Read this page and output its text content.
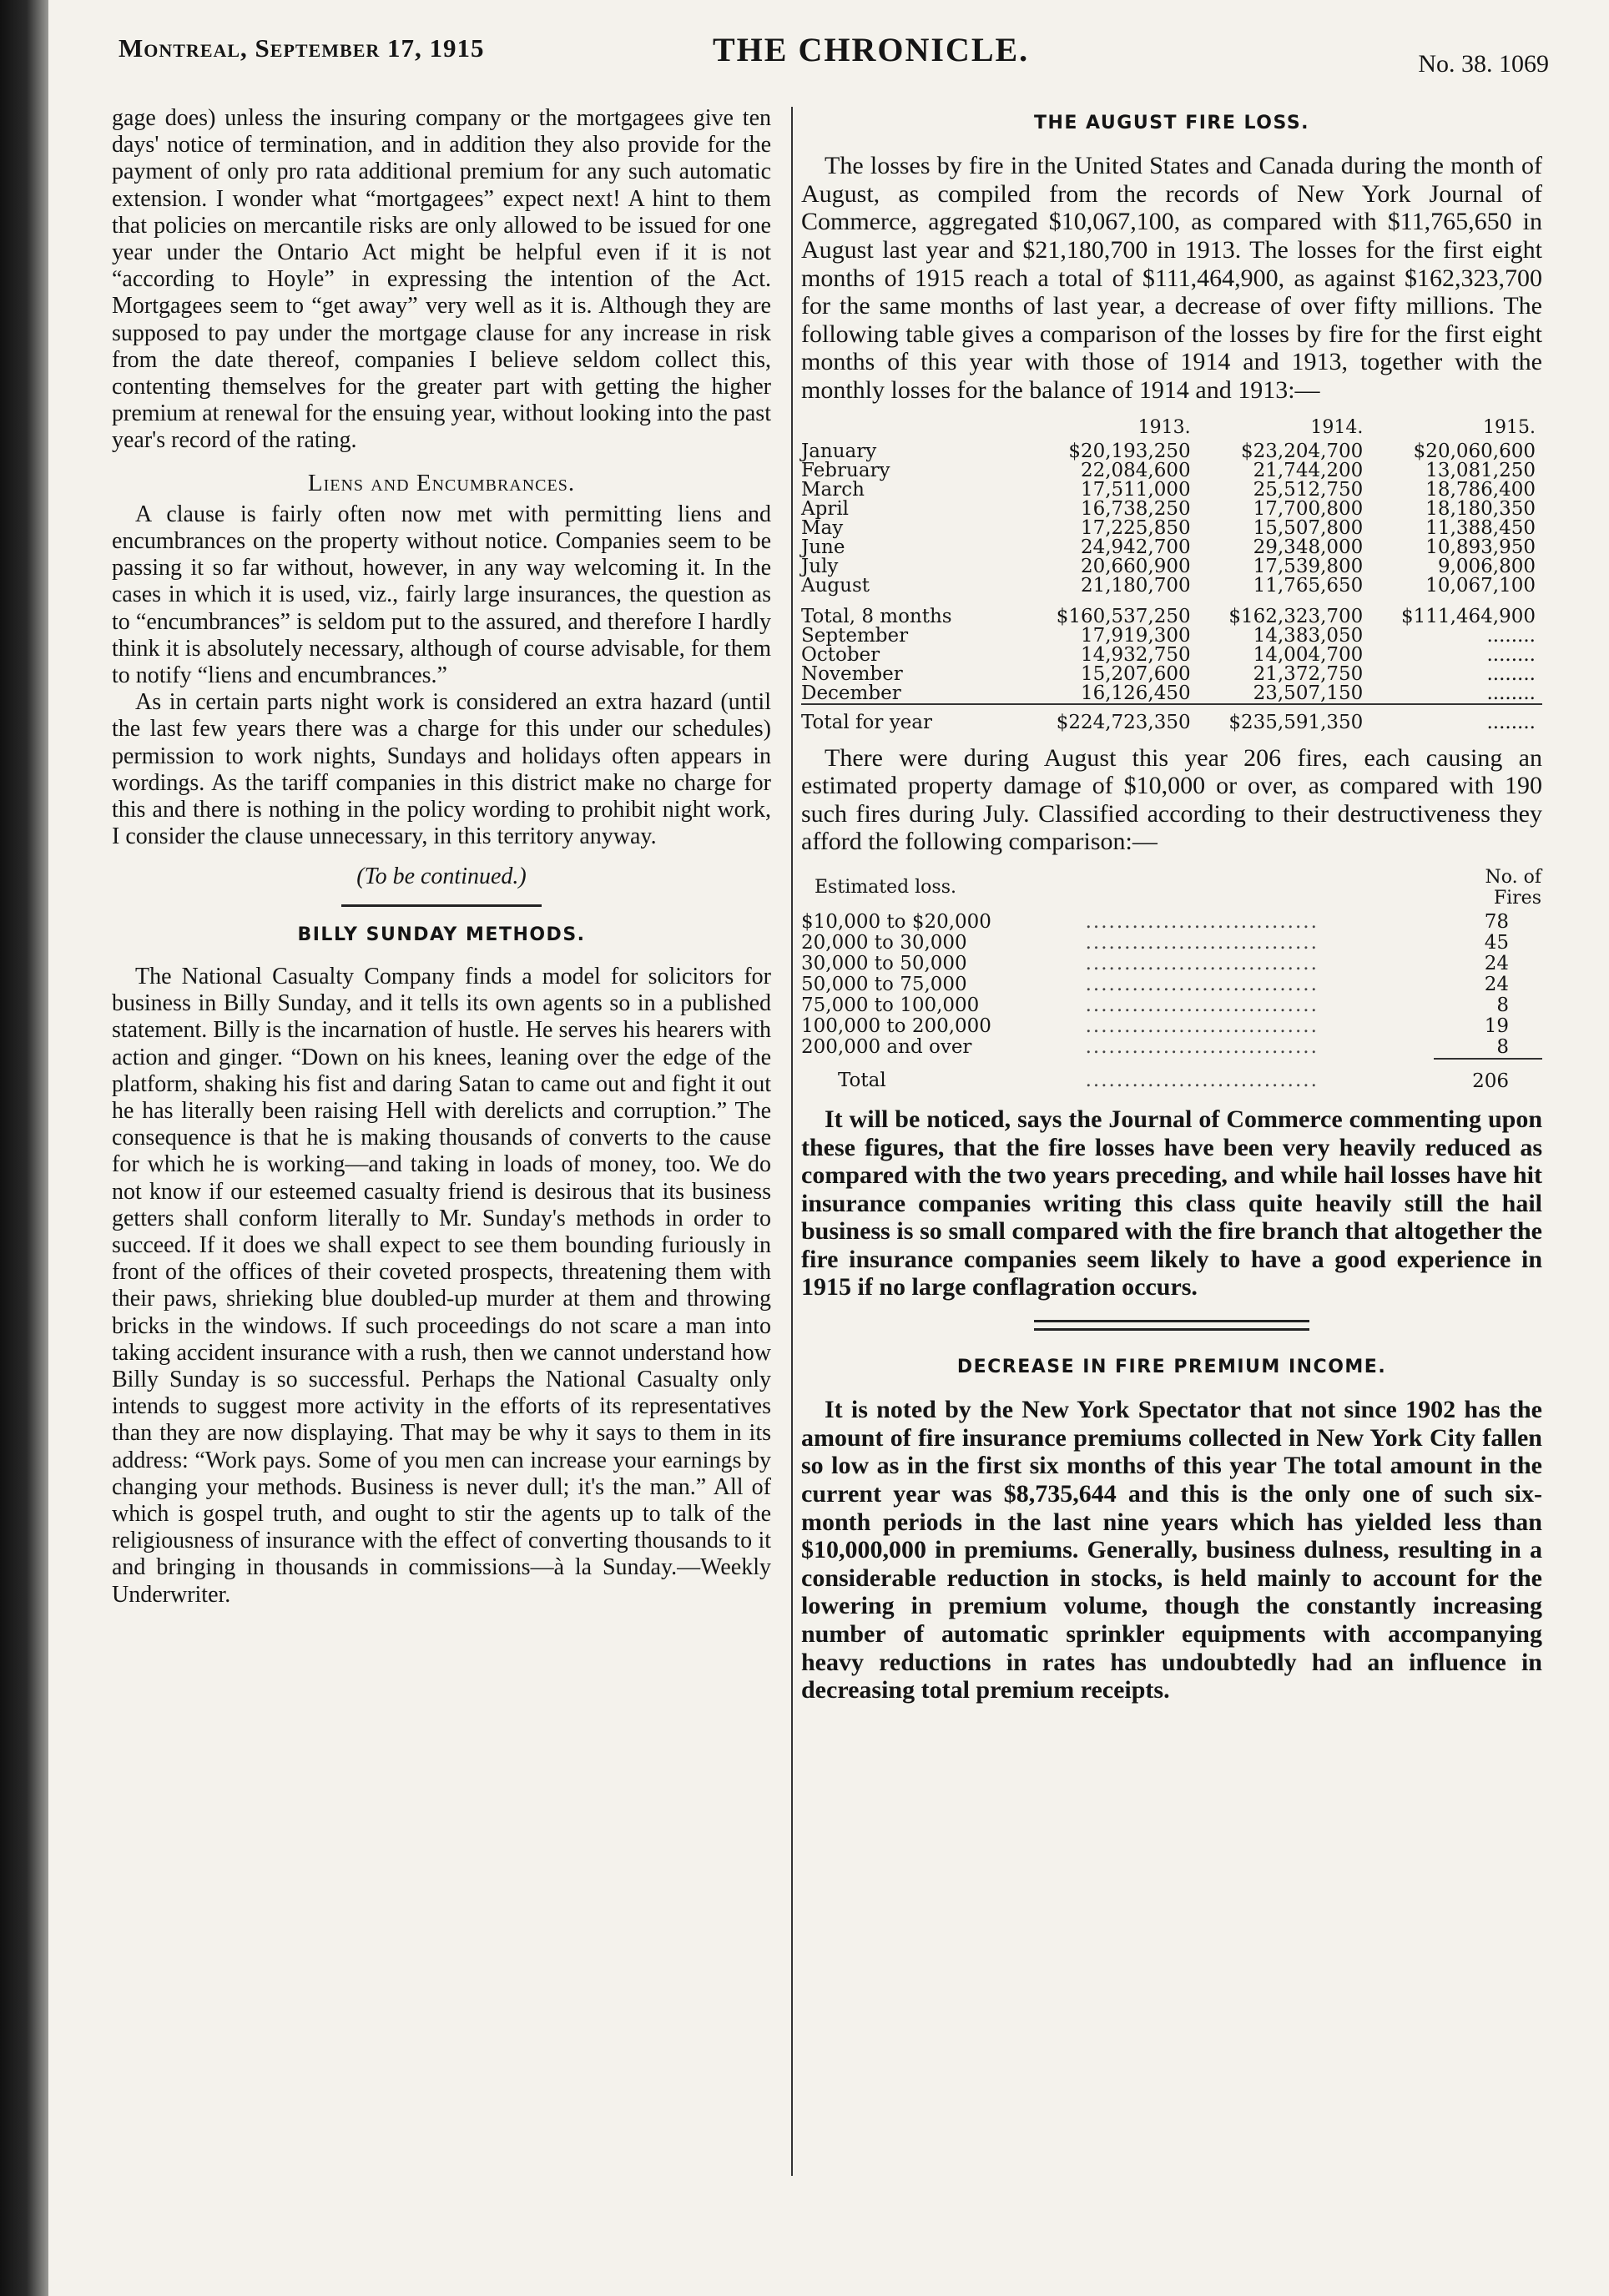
Montreal, September 17, 1915	THE CHRONICLE.	No. 38. 1069

gage does) unless the insuring company or the mortgagees give ten days' notice of termination, and in addition they also provide for the payment of only pro rata additional premium for any such automatic extension. I wonder what “mortgagees” expect next! A hint to them that policies on mercantile risks are only allowed to be issued for one year under the Ontario Act might be helpful even if it is not “according to Hoyle” in expressing the intention of the Act. Mortgagees seem to “get away” very well as it is. Although they are supposed to pay under the mortgage clause for any increase in risk from the date thereof, companies I believe seldom collect this, contenting themselves for the greater part with getting the higher premium at renewal for the ensuing year, without looking into the past year's record of the rating.

Liens and Encumbrances.

A clause is fairly often now met with permitting liens and encumbrances on the property without notice. Companies seem to be passing it so far without, however, in any way welcoming it. In the cases in which it is used, viz., fairly large insurances, the question as to “encumbrances” is seldom put to the assured, and therefore I hardly think it is absolutely necessary, although of course advisable, for them to notify “liens and encumbrances.”

As in certain parts night work is considered an extra hazard (until the last few years there was a charge for this under our schedules) permission to work nights, Sundays and holidays often appears in wordings. As the tariff companies in this district make no charge for this and there is nothing in the policy wording to prohibit night work, I consider the clause unnecessary, in this territory anyway.

(To be continued.)

BILLY SUNDAY METHODS.

The National Casualty Company finds a model for solicitors for business in Billy Sunday, and it tells its own agents so in a published statement. Billy is the incarnation of hustle. He serves his hearers with action and ginger. “Down on his knees, leaning over the edge of the platform, shaking his fist and daring Satan to came out and fight it out he has literally been raising Hell with derelicts and corruption.” The consequence is that he is making thousands of converts to the cause for which he is working—and taking in loads of money, too. We do not know if our esteemed casualty friend is desirous that its business getters shall conform literally to Mr. Sunday's methods in order to succeed. If it does we shall expect to see them bounding furiously in front of the offices of their coveted prospects, threatening them with their paws, shrieking blue doubled-up murder at them and throwing bricks in the windows. If such proceedings do not scare a man into taking accident insurance with a rush, then we cannot understand how Billy Sunday is so successful. Perhaps the National Casualty only intends to suggest more activity in the efforts of its representatives than they are now displaying. That may be why it says to them in its address: “Work pays. Some of you men can increase your earnings by changing your methods. Business is never dull; it's the man.” All of which is gospel truth, and ought to stir the agents up to talk of the religiousness of insurance with the effect of converting thousands to it and bringing in thousands in commissions—à la Sunday.—Weekly Underwriter.

THE AUGUST FIRE LOSS.

The losses by fire in the United States and Canada during the month of August, as compiled from the records of New York Journal of Commerce, aggregated $10,067,100, as compared with $11,765,650 in August last year and $21,180,700 in 1913. The losses for the first eight months of 1915 reach a total of $111,464,900, as against $162,323,700 for the same months of last year, a decrease of over fifty millions. The following table gives a comparison of the losses by fire for the first eight months of this year with those of 1914 and 1913, together with the monthly losses for the balance of 1914 and 1913:—

	1913.	1914.	1915.
January	$20,193,250	$23,204,700	$20,060,600
February	22,084,600	21,744,200	13,081,250
March	17,511,000	25,512,750	18,786,400
April	16,738,250	17,700,800	18,180,350
May	17,225,850	15,507,800	11,388,450
June	24,942,700	29,348,000	10,893,950
July	20,660,900	17,539,800	9,006,800
August	21,180,700	11,765,650	10,067,100
Total, 8 months	$160,537,250	$162,323,700	$111,464,900
September	17,919,300	14,383,050	........
October	14,932,750	14,004,700	........
November	15,207,600	21,372,750	........
December	16,126,450	23,507,150	........
Total for year	$224,723,350	$235,591,350	........

There were during August this year 206 fires, each causing an estimated property damage of $10,000 or over, as compared with 190 such fires during July. Classified according to their destructiveness they afford the following comparison:—

Estimated loss.		No. of Fires
$10,000 to $20,000	..............................	78
20,000 to 30,000	..............................	45
30,000 to 50,000	..............................	24
50,000 to 75,000	..............................	24
75,000 to 100,000	..............................	8
100,000 to 200,000	..............................	19
200,000 and over	..............................	8
Total	..............................	206

It will be noticed, says the Journal of Commerce commenting upon these figures, that the fire losses have been very heavily reduced as compared with the two years preceding, and while hail losses have hit insurance companies writing this class quite heavily still the hail business is so small compared with the fire branch that altogether the fire insurance companies seem likely to have a good experience in 1915 if no large conflagration occurs.

DECREASE IN FIRE PREMIUM INCOME.

It is noted by the New York Spectator that not since 1902 has the amount of fire insurance premiums collected in New York City fallen so low as in the first six months of this year The total amount in the current year was $8,735,644 and this is the only one of such six-month periods in the last nine years which has yielded less than $10,000,000 in premiums. Generally, business dulness, resulting in a considerable reduction in stocks, is held mainly to account for the lowering in premium volume, though the constantly increasing number of automatic sprinkler equipments with accompanying heavy reductions in rates has undoubtedly had an influence in decreasing total premium receipts.
